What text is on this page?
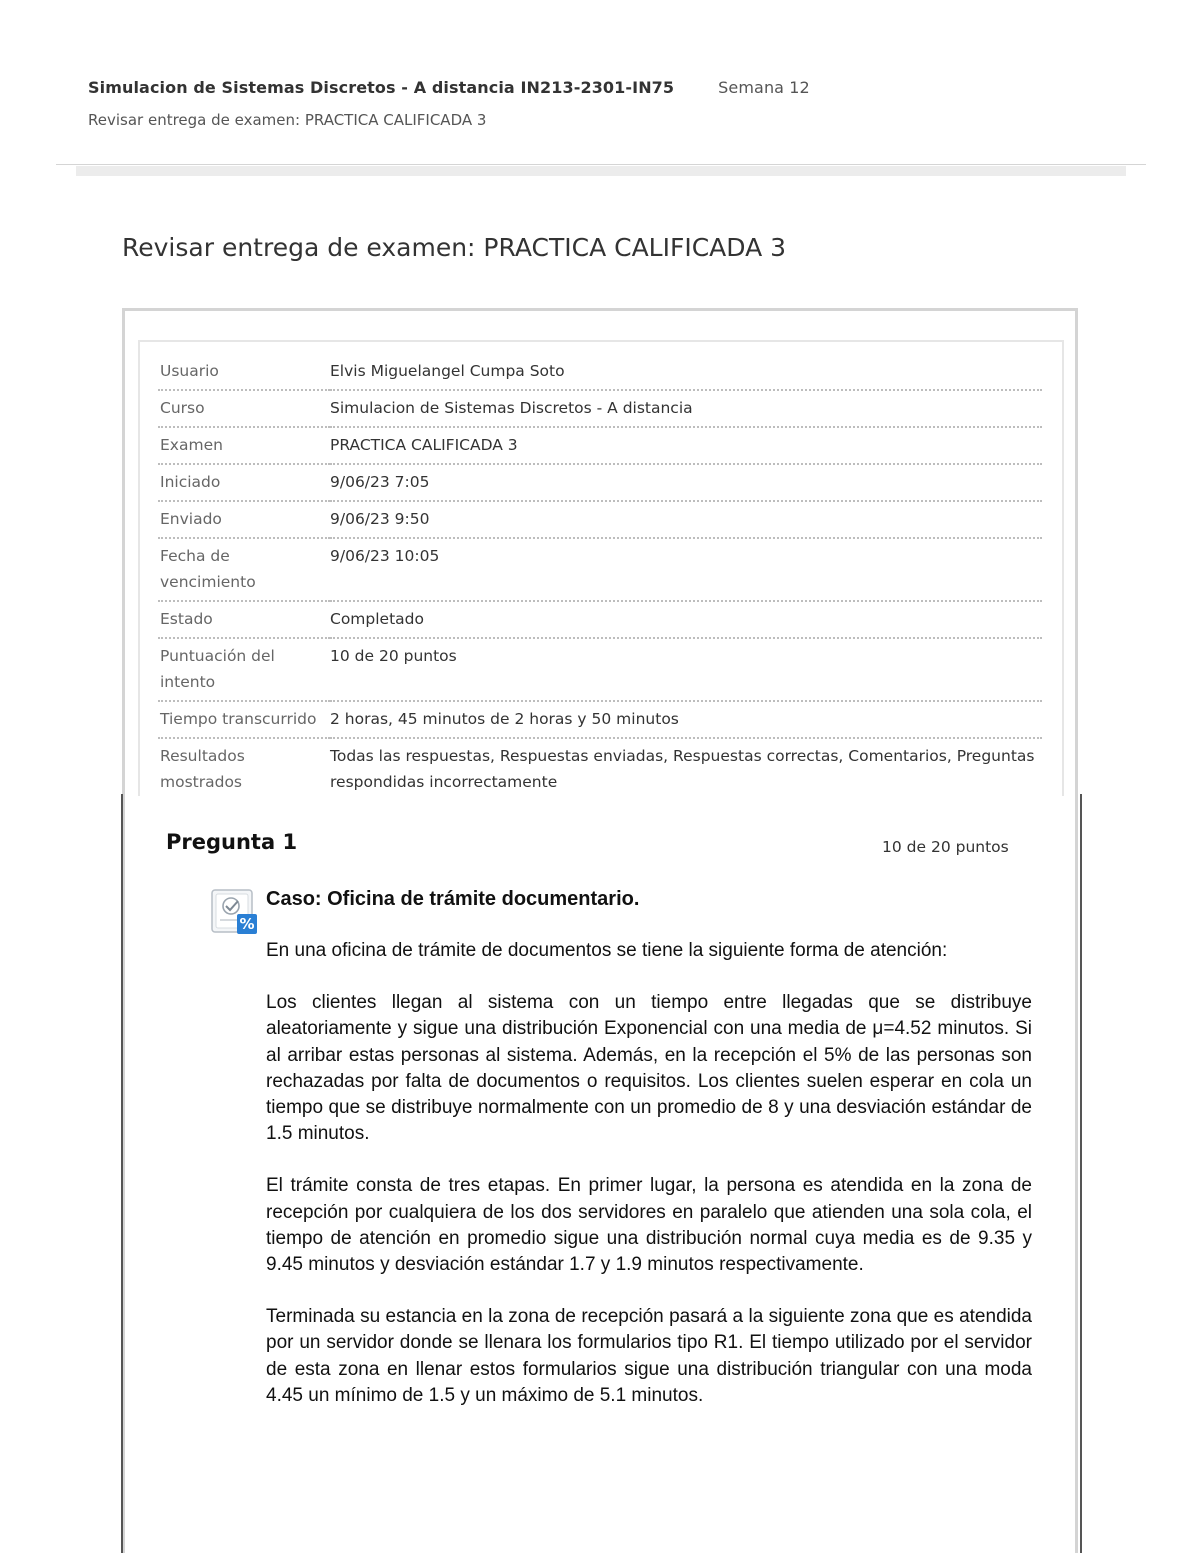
Simulacion de Sistemas Discretos - A distancia IN213-2301-IN75	Semana 12
Revisar entrega de examen: PRACTICA CALIFICADA 3
Revisar entrega de examen: PRACTICA CALIFICADA 3
Usuario	Elvis Miguelangel Cumpa Soto
Curso	Simulacion de Sistemas Discretos - A distancia
Examen	PRACTICA CALIFICADA 3
Iniciado	9/06/23 7:05
Enviado	9/06/23 9:50
Fecha de vencimiento	9/06/23 10:05
Estado	Completado
Puntuación del intento	10 de 20 puntos
Tiempo transcurrido	2 horas, 45 minutos de 2 horas y 50 minutos
Resultados mostrados	Todas las respuestas, Respuestas enviadas, Respuestas correctas, Comentarios, Preguntas respondidas incorrectamente
Pregunta 1	10 de 20 puntos
%
Caso: Oficina de trámite documentario.

En una oficina de trámite de documentos se tiene la siguiente forma de atención:

Los clientes llegan al sistema con un tiempo entre llegadas que se distribuye aleatoriamente y sigue una distribución Exponencial con una media de μ=4.52 minutos. Si al arribar estas personas al sistema. Además, en la recepción el 5% de las personas son rechazadas por falta de documentos o requisitos. Los clientes suelen esperar en cola un tiempo que se distribuye normalmente con un promedio de 8 y una desviación estándar de 1.5 minutos.

El trámite consta de tres etapas. En primer lugar, la persona es atendida en la zona de recepción por cualquiera de los dos servidores en paralelo que atienden una sola cola, el tiempo de atención en promedio sigue una distribución normal cuya media es de 9.35 y 9.45 minutos y desviación estándar 1.7 y 1.9 minutos respectivamente.

Terminada su estancia en la zona de recepción pasará a la siguiente zona que es atendida por un servidor donde se llenara los formularios tipo R1. El tiempo utilizado por el servidor de esta zona en llenar estos formularios sigue una distribución triangular con una moda 4.45 un mínimo de 1.5 y un máximo de 5.1 minutos.
